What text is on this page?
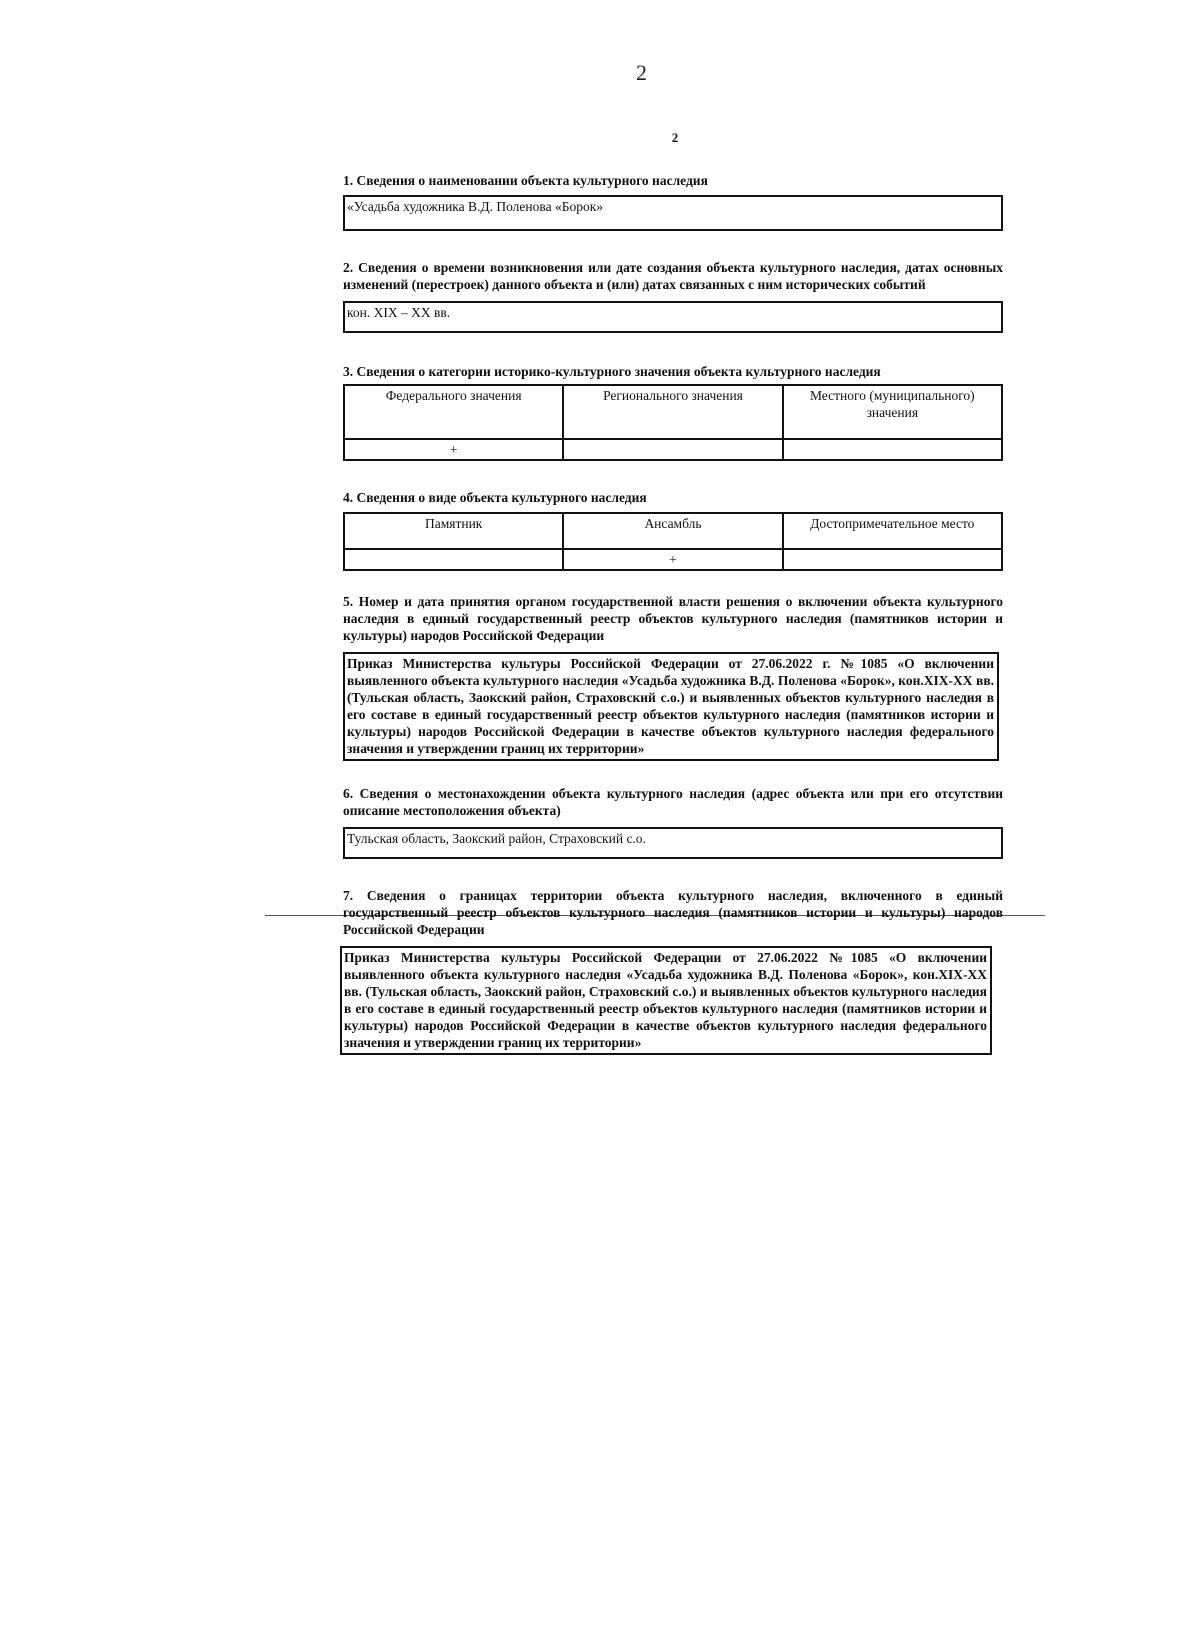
2
2

1. Сведения о наименовании объекта культурного наследия

«Усадьба художника В.Д. Поленова «Борок»

2. Сведения о времени возникновения или дате создания объекта культурного наследия, датах основных изменений (перестроек) данного объекта и (или) датах связанных с ним исторических событий

кон. XIX – XX вв.

3. Сведения о категории историко-культурного значения объекта культурного наследия

Федерального значения	Регионального значения	Местного (муниципального) значения
+		

4. Сведения о виде объекта культурного наследия

Памятник	Ансамбль	Достопримечательное место
	+	

5. Номер и дата принятия органом государственной власти решения о включении объекта культурного наследия в единый государственный реестр объектов культурного наследия (памятников истории и культуры) народов Российской Федерации

Приказ Министерства культуры Российской Федерации от 27.06.2022 г. №1085 «О включении выявленного объекта культурного наследия «Усадьба художника В.Д. Поленова «Борок», кон.XIX-XX вв. (Тульская область, Заокский район, Страховский с.о.) и выявленных объектов культурного наследия в его составе в единый государственный реестр объектов культурного наследия (памятников истории и культуры) народов Российской Федерации в качестве объектов культурного наследия федерального значения и утверждении границ их территории»

6. Сведения о местонахождении объекта культурного наследия (адрес объекта или при его отсутствии описание местоположения объекта)

Тульская область, Заокский район, Страховский с.о.

7. Сведения о границах территории объекта культурного наследия, включенного в единый государственный реестр объектов культурного наследия (памятников истории и культуры) народов Российской Федерации

Приказ Министерства культуры Российской Федерации от 27.06.2022 №1085 «О включении выявленного объекта культурного наследия «Усадьба художника В.Д. Поленова «Борок», кон.XIX-XX вв. (Тульская область, Заокский район, Страховский с.о.) и выявленных объектов культурного наследия в его составе в единый государственный реестр объектов культурного наследия (памятников истории и культуры) народов Российской Федерации в качестве объектов культурного наследия федерального значения и утверждении границ их территории»
